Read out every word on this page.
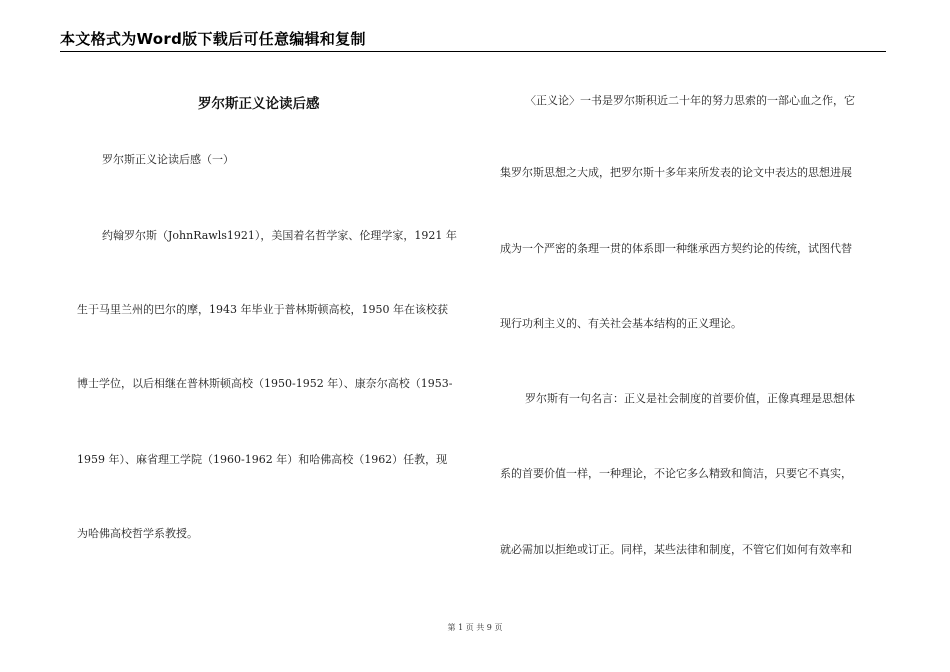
本文格式为Word版下载后可任意编辑和复制
罗尔斯正义论读后感
罗尔斯正义论读后感（一）
约翰罗尔斯（JohnRawls1921），美国着名哲学家、伦理学家，1921 年
生于马里兰州的巴尔的摩，1943 年毕业于普林斯顿高校，1950 年在该校获
博士学位，以后相继在普林斯顿高校（1950-1952 年）、康奈尔高校（1953-
1959 年）、麻省理工学院（1960-1962 年）和哈佛高校（1962）任教，现
为哈佛高校哲学系教授。
〈正义论〉一书是罗尔斯积近二十年的努力思索的一部心血之作，它
集罗尔斯思想之大成，把罗尔斯十多年来所发表的论文中表达的思想进展
成为一个严密的条理一贯的体系即一种继承西方契约论的传统，试图代替
现行功利主义的、有关社会基本结构的正义理论。
罗尔斯有一句名言：正义是社会制度的首要价值，正像真理是思想体
系的首要价值一样，一种理论，不论它多么精致和简洁，只要它不真实，
就必需加以拒绝或订正。同样，某些法律和制度，不管它们如何有效率和
第 1 页 共 9 页
